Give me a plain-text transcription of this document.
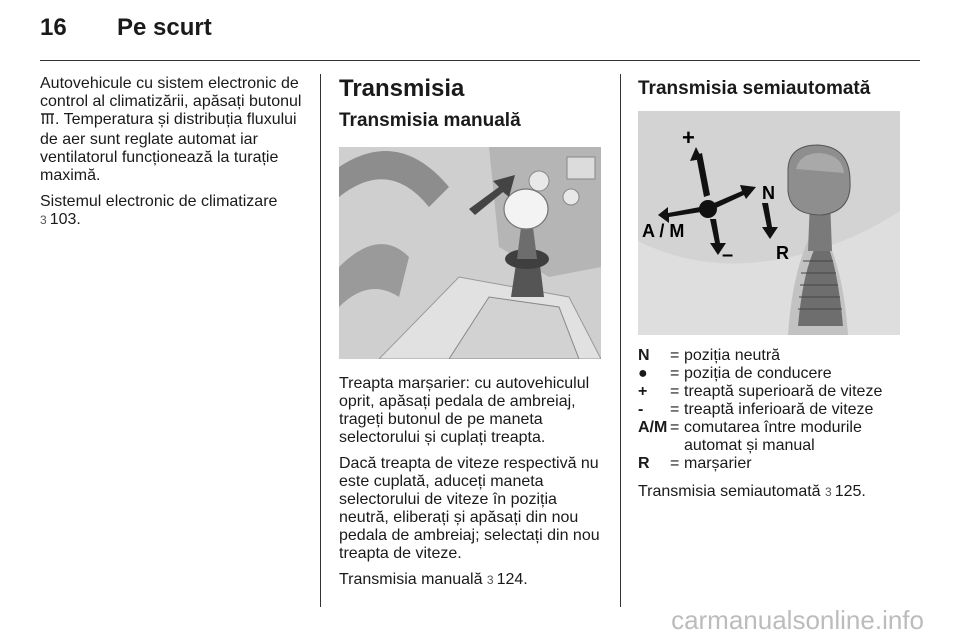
16 Pe scurt

Autovehicule cu sistem electronic de control al climatizării, apăsați butonul . Temperatura și distribuția fluxului de aer sunt reglate automat iar ventilatorul funcționează la turație maximă.

Sistemul electronic de climatizare
3 103.

Transmisia
Transmisia manuală

Treapta marșarier: cu autovehiculul oprit, apăsați pedala de ambreiaj, trageți butonul de pe maneta selectorului și cuplați treapta.

Dacă treapta de viteze respectivă nu este cuplată, aduceți maneta selectorului de viteze în poziția neutră, eliberați și apăsați din nou pedala de ambreiaj; selectați din nou treapta de viteze.

Transmisia manuală 3 124.

Transmisia semiautomată
+
N
A / M
– R
N	= poziția neutră
●	= poziția de conducere
+	= treaptă superioară de viteze
-	= treaptă inferioară de viteze
A/M = comutarea între modurile automat și manual
R	= marșarier

Transmisia semiautomată 3 125.

carmanualsonline.info
